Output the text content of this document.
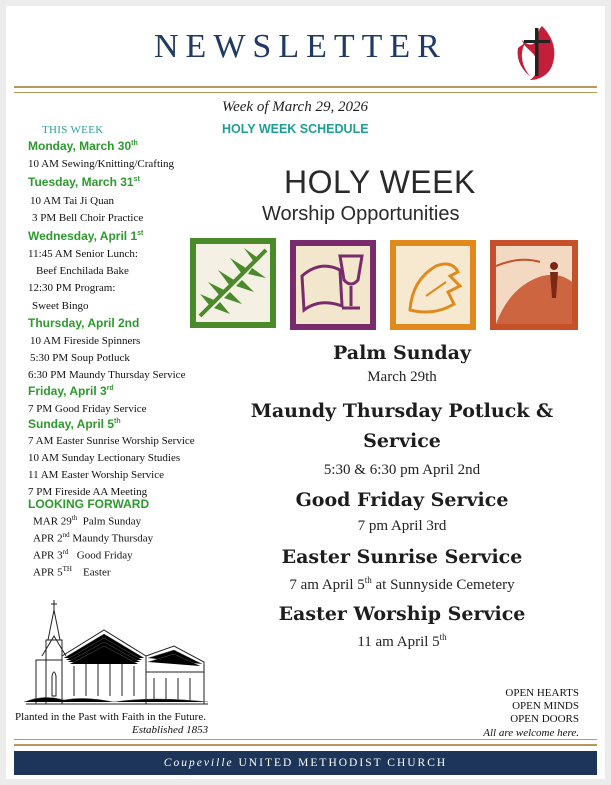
NEWSLETTER
Week of March 29, 2026
HOLY WEEK SCHEDULE
THIS WEEK
Monday, March 30th
10 AM Sewing/Knitting/Crafting
Tuesday, March 31st
10 AM Tai Ji Quan
3 PM Bell Choir Practice
Wednesday, April 1st
11:45 AM Senior Lunch:
Beef Enchilada Bake
12:30 PM Program:
Sweet Bingo
Thursday, April 2nd
10 AM Fireside Spinners
5:30 PM Soup Potluck
6:30 PM Maundy Thursday Service
Friday, April 3rd
7 PM Good Friday Service
Sunday, April 5th
7 AM Easter Sunrise Worship Service
10 AM Sunday Lectionary Studies
11 AM Easter Worship Service
7 PM Fireside AA Meeting
LOOKING FORWARD
MAR 29th  Palm Sunday
APR 2nd Maundy Thursday
APR 3rd   Good Friday
APR 5TH    Easter
Planted in the Past with Faith in the Future.
Established 1853
HOLY WEEK
Worship Opportunities
Palm Sunday
March 29th
Maundy Thursday Potluck &
Service
5:30 & 6:30 pm April 2nd
Good Friday Service
7 pm April 3rd
Easter Sunrise Service
7 am April 5th at Sunnyside Cemetery
Easter Worship Service
11 am April 5th
OPEN HEARTS
OPEN MINDS
OPEN DOORS
All are welcome here.
Coupeville UNITED METHODIST CHURCH
